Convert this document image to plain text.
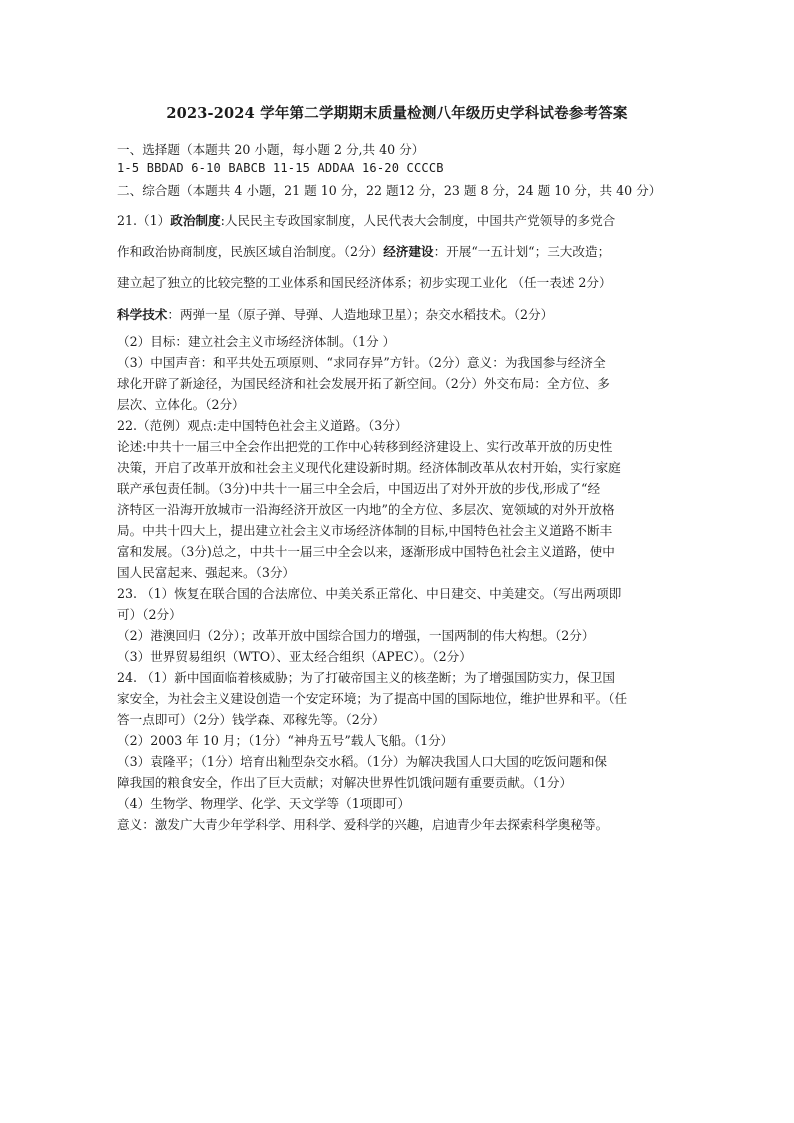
2023-2024 学年第二学期期末质量检测八年级历史学科试卷参考答案
一、选择题（本题共 20 小题，每小题 2 分,共 40 分）
1-5 BBDAD 6-10 BABCB 11-15 ADDAA 16-20 CCCCB
二、综合题（本题共 4 小题，21 题 10 分，22 题12 分，23 题 8 分，24 题 10 分，共 40 分）
21.（1）政治制度:人民民主专政国家制度，人民代表大会制度，中国共产党领导的多党合
作和政治协商制度，民族区域自治制度。（2分）经济建设：开展“一五计划“；三大改造；
建立起了独立的比较完整的工业体系和国民经济体系；初步实现工业化 （任一表述 2分）
科学技术：两弹一星（原子弹、导弹、人造地球卫星）；杂交水稻技术。（2分）
（2）目标：建立社会主义市场经济体制。（1分 ）
（3）中国声音：和平共处五项原则、“求同存异”方针。（2分）意义：为我国参与经济全
球化开辟了新途径，为国民经济和社会发展开拓了新空间。（2分）外交布局：全方位、多
层次、立体化。（2分）
22.（范例）观点:走中国特色社会主义道路。（3分）
论述:中共十一届三中全会作出把党的工作中心转移到经济建设上、实行改革开放的历史性
决策，开启了改革开放和社会主义现代化建设新时期。经济体制改革从农村开始，实行家庭
联产承包责任制。（3分)中共十一届三中全会后，中国迈出了对外开放的步伐,形成了“经
济特区一沿海开放城市一沿海经济开放区一内地”的全方位、多层次、宽领域的对外开放格
局。中共十四大上，提出建立社会主义市场经济体制的目标,中国特色社会主义道路不断丰
富和发展。（3分)总之，中共十一届三中全会以来，逐渐形成中国特色社会主义道路，使中
国人民富起来、强起来。（3分）
23. （1）恢复在联合国的合法席位、中美关系正常化、中日建交、中美建交。（写出两项即
可）（2分）
（2）港澳回归（2分）；改革开放中国综合国力的增强，一国两制的伟大构想。（2分）
（3）世界贸易组织（WTO）、亚太经合组织（APEC）。（2分）
24. （1）新中国面临着核威胁；为了打破帝国主义的核垄断；为了增强国防实力，保卫国
家安全，为社会主义建设创造一个安定环境；为了提高中国的国际地位，维护世界和平。（任
答一点即可）（2分）钱学森、邓稼先等。（2分）
（2）2003 年 10 月；（1分）“神舟五号”载人飞船。（1分）
（3）袁隆平；（1分）培育出籼型杂交水稻。（1分）为解决我国人口大国的吃饭问题和保
障我国的粮食安全，作出了巨大贡献；对解决世界性饥饿问题有重要贡献。（1分）
（4）生物学、物理学、化学、天文学等（1项即可）
意义：激发广大青少年学科学、用科学、爱科学的兴趣，启迪青少年去探索科学奥秘等。
